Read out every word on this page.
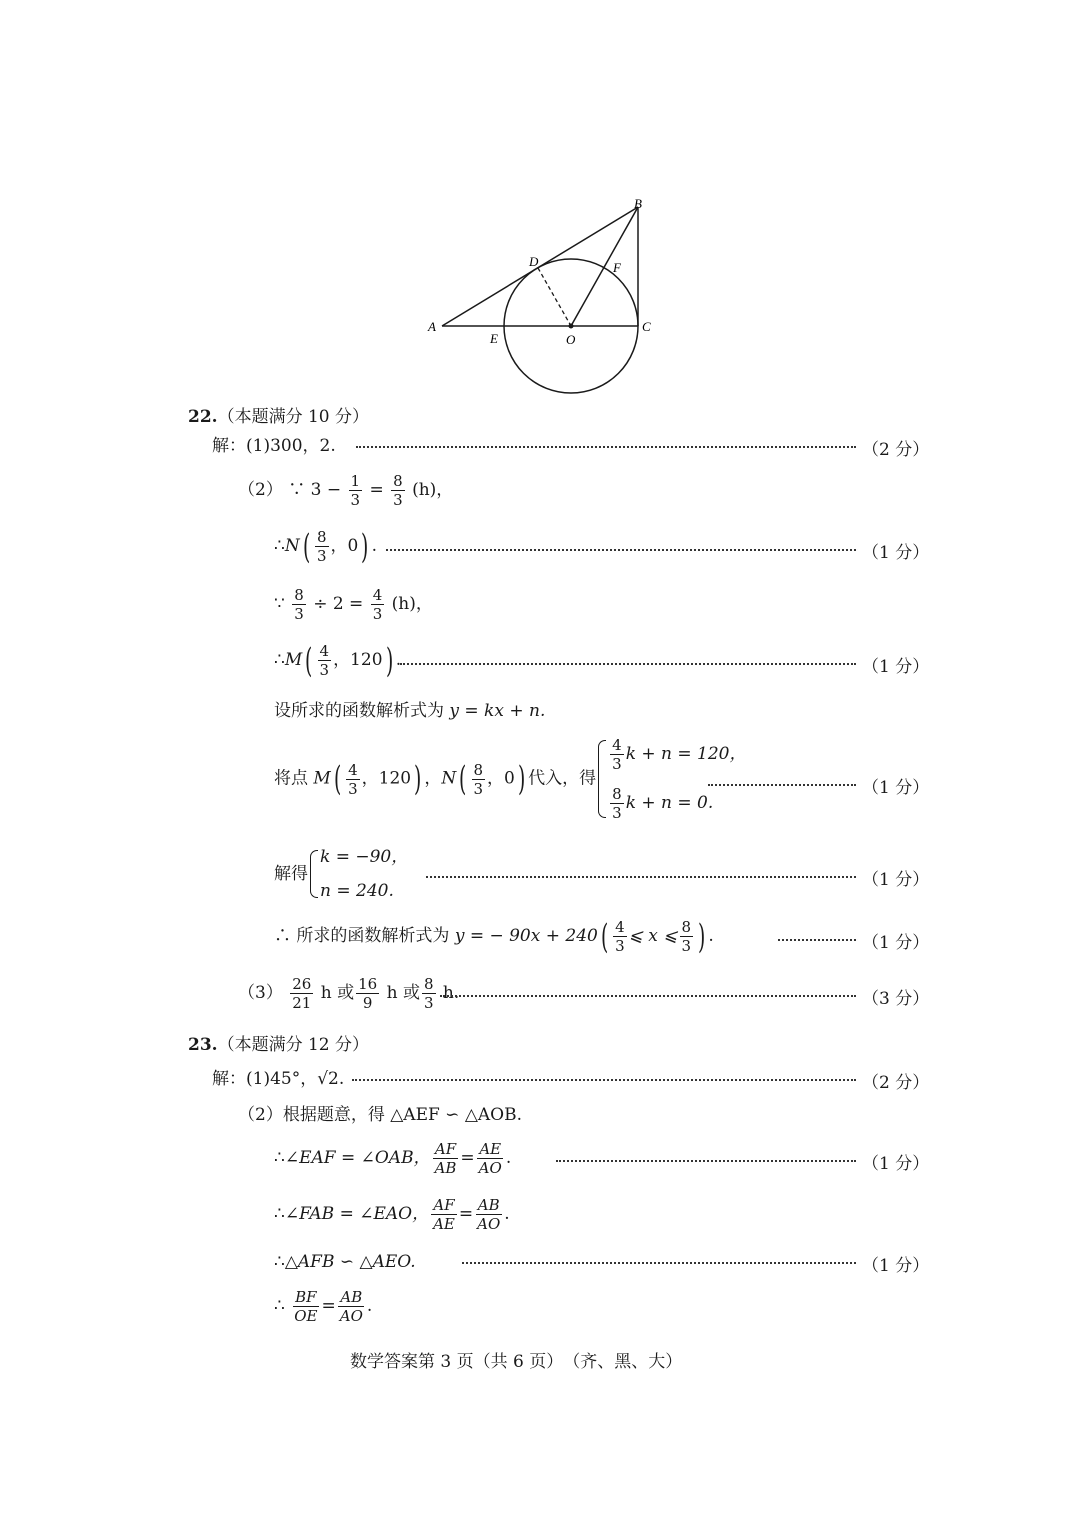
A
B
C
D
E
F
O
22.（本题满分 10 分）
解：(1)300，2.	（2 分）
（2） ∵ $3 - \frac{1}{3} = \frac{8}{3} (h)$，
∴N( $\frac{8}{3}$ ，0) .	（1 分）
∵ $\frac{8}{3} \div 2 = \frac{4}{3} (h)$，
∴M( $\frac{4}{3}$ ，120) .	（1 分）
设所求的函数解析式为 y = kx + n.
将点 $M( \frac{4}{3}$ ，120) ，$N( \frac{8}{3}$ ，0) 代入，得
$\frac{4}{3}$ k + n = 120，
$\frac{8}{3}$ k + n = 0.
（1 分）
解得
k = −90，
n = 240.
（1 分）
∴ 所求的函数解析式为 y = − $90x + 240( \frac{4}{3}$ ⩽ x ⩽ $\frac{8}{3}$ ) .	（1 分）
$(3) \frac{26}{21}$ h 或 $\frac{16}{9}$ h 或 $\frac{8}{3} h$.	（3 分）
23.（本题满分 12 分）
解：(1)45°，√2.	（2 分）
（2）根据题意，得 △AEF ∽ △AOB.
∴∠EAF = ∠OAB， $\frac{AF}{AB} = \frac{AE}{AO}$ .	（1 分）
∴∠FAB = ∠EAO， $\frac{AF}{AE} = \frac{AB}{AO}$ .
∴△AFB ∽ △AEO.	（1 分）
∴ $\frac{BF}{OE} = \frac{AB}{AO}$ .
数学答案第 3 页（共 6 页）　（齐、黑、大）
